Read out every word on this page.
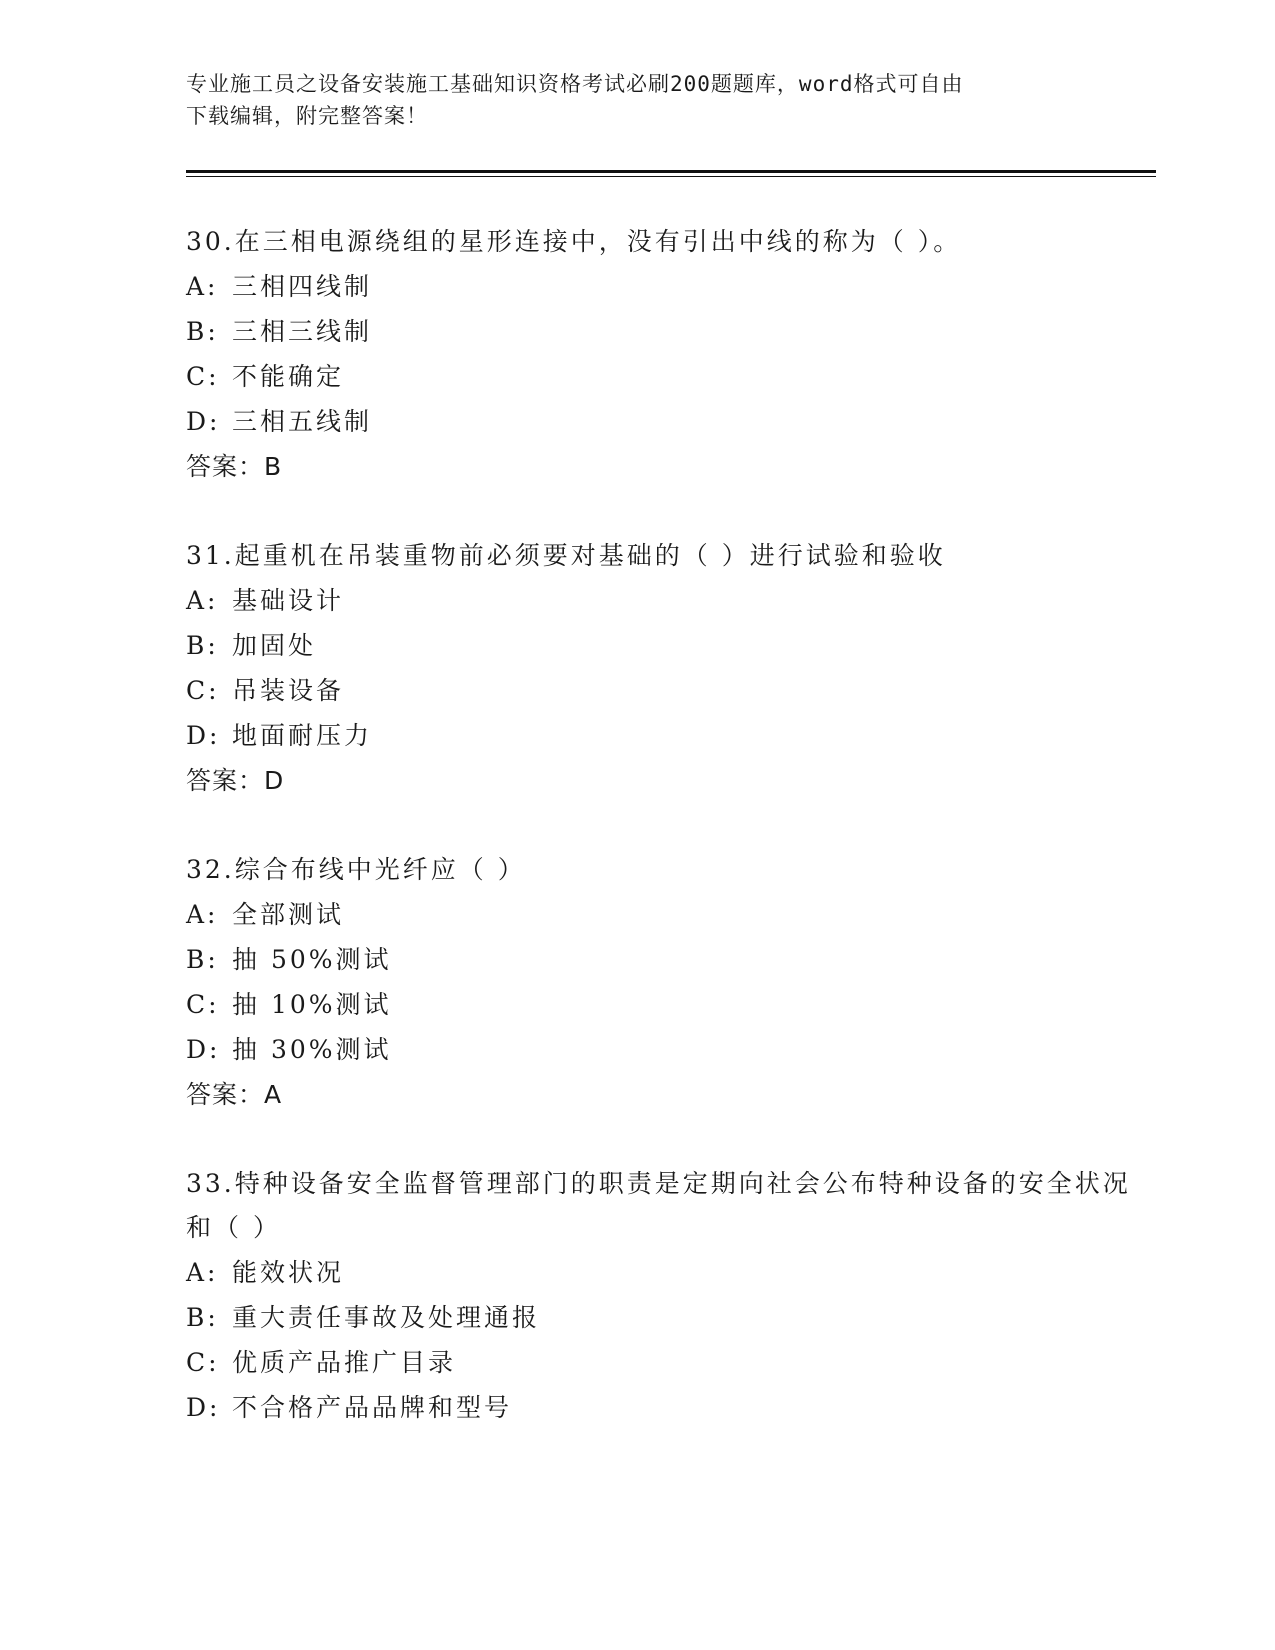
专业施工员之设备安装施工基础知识资格考试必刷200题题库，word格式可自由
下载编辑，附完整答案！

30.在三相电源绕组的星形连接中，没有引出中线的称为（ ）。

A: 三相四线制

B: 三相三线制

C: 不能确定

D: 三相五线制

答案：B

31.起重机在吊装重物前必须要对基础的（ ）进行试验和验收

A: 基础设计

B: 加固处

C: 吊装设备

D: 地面耐压力

答案：D

32.综合布线中光纤应（ ）

A: 全部测试

B: 抽 50%测试

C: 抽 10%测试

D: 抽 30%测试

答案：A

33.特种设备安全监督管理部门的职责是定期向社会公布特种设备的安全状况和（ ）

A: 能效状况

B: 重大责任事故及处理通报

C: 优质产品推广目录

D: 不合格产品品牌和型号
